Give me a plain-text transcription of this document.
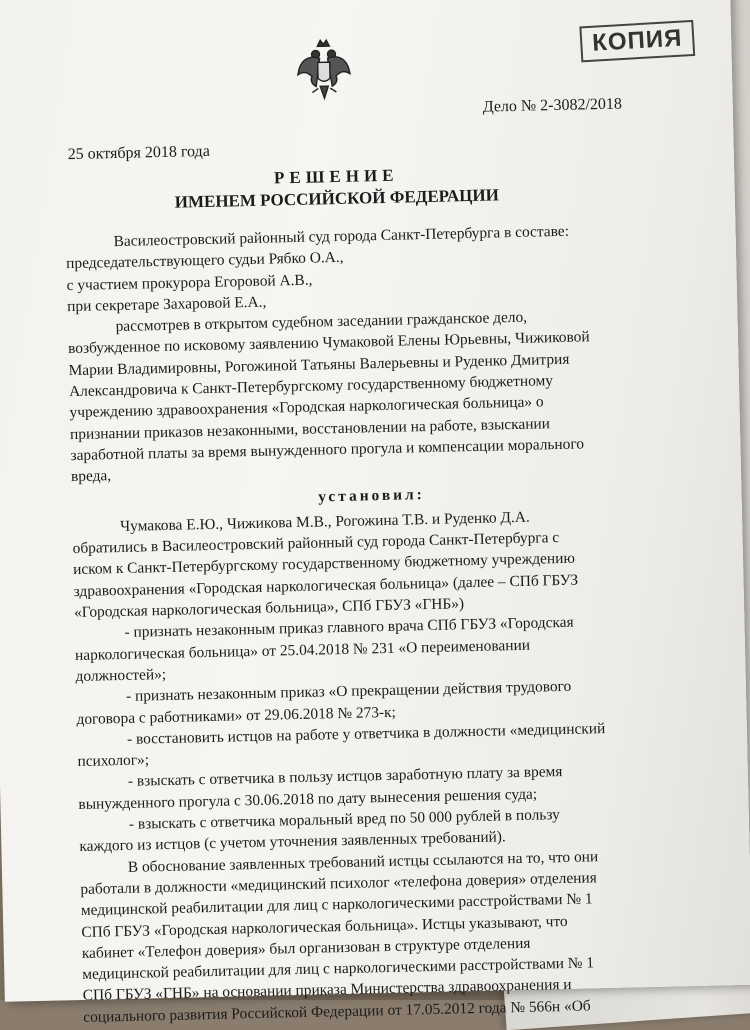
КОПИЯ
Дело № 2-3082/2018
25 октября 2018 года
РЕШЕНИЕ
ИМЕНЕМ РОССИЙСКОЙ ФЕДЕРАЦИИ
Василеостровский районный суд города Санкт-Петербурга в составе:
председательствующего судьи Рябко О.А.,
с участием прокурора Егоровой А.В.,
при секретаре Захаровой Е.А.,
рассмотрев в открытом судебном заседании гражданское дело,
возбужденное по исковому заявлению Чумаковой Елены Юрьевны, Чижиковой
Марии Владимировны, Рогожиной Татьяны Валерьевны и Руденко Дмитрия
Александровича к Санкт-Петербургскому государственному бюджетному
учреждению здравоохранения «Городская наркологическая больница» о
признании приказов незаконными, восстановлении на работе, взыскании
заработной платы за время вынужденного прогула и компенсации морального
вреда,
установил:
Чумакова Е.Ю., Чижикова М.В., Рогожина Т.В. и Руденко Д.А.
обратились в Василеостровский районный суд города Санкт-Петербурга с
иском к Санкт-Петербургскому государственному бюджетному учреждению
здравоохранения «Городская наркологическая больница» (далее – СПб ГБУЗ
«Городская наркологическая больница», СПб ГБУЗ «ГНБ»)
- признать незаконным приказ главного врача СПб ГБУЗ «Городская
наркологическая больница» от 25.04.2018 № 231 «О переименовании
должностей»;
- признать незаконным приказ «О прекращении действия трудового
договора с работниками» от 29.06.2018 № 273-к;
- восстановить истцов на работе у ответчика в должности «медицинский
психолог»;
- взыскать с ответчика в пользу истцов заработную плату за время
вынужденного прогула с 30.06.2018 по дату вынесения решения суда;
- взыскать с ответчика моральный вред по 50 000 рублей в пользу
каждого из истцов (с учетом уточнения заявленных требований).
В обоснование заявленных требований истцы ссылаются на то, что они
работали в должности «медицинский психолог «телефона доверия» отделения
медицинской реабилитации для лиц с наркологическими расстройствами № 1
СПб ГБУЗ «Городская наркологическая больница». Истцы указывают, что
кабинет «Телефон доверия» был организован в структуре отделения
медицинской реабилитации для лиц с наркологическими расстройствами № 1
СПб ГБУЗ «ГНБ» на основании приказа Министерства здравоохранения и
социального развития Российской Федерации от 17.05.2012 года № 566н «Об
